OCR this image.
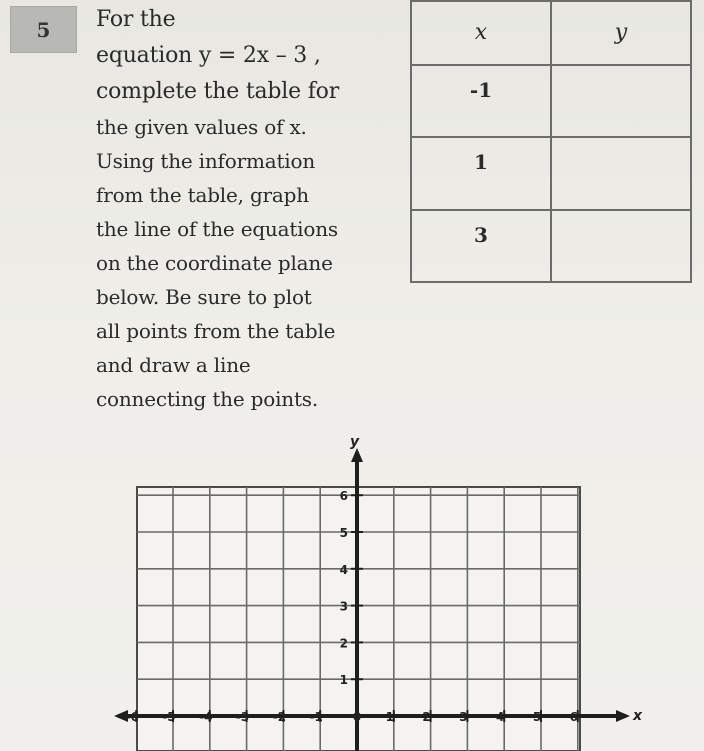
5	For the
equation y = 2x – 3 ,
complete the table for
the given values of x.
Using the information
from the table, graph
the line of the equations
on the coordinate plane
below. Be sure to plot
all points from the table
and draw a line
connecting the points.
x	y
-1	
1	
3	
-6 -5 -4 -3 -2 -1 0 1 2 3 4 5 6
1
2
3
4
5
6
x
y
